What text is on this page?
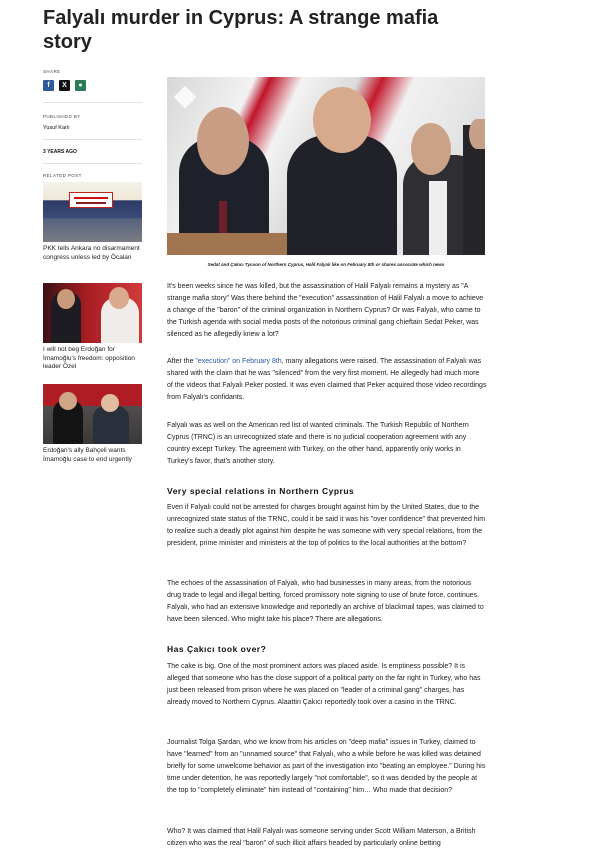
Falyalı murder in Cyprus: A strange mafia story
SHARE
f	X	●
PUBLISHED BY
Yusuf Karlı
3 YEARS AGO
RELATED POST
PKK tells Ankara no disarmament congress unless led by Öcalan
I will not beg Erdoğan for İmamoğlu's freedom: opposition leader Özel
Erdoğan's ally Bahçeli wants İmamoğlu case to end urgently
Sedat and Çakıcı Tycoon of Northern Cyprus, Halil Falyalı like on February 8th or shares associate which news

It's been weeks since he was killed, but the assassination of Halil Falyalı remains a mystery as "A strange mafia story" Was there behind the "execution" assassination of Halil Falyalı a move to achieve a change of the "baron" of the criminal organization in Northern Cyprus? Or was Falyalı, who came to the Turkish agenda with social media posts of the notorious criminal gang chieftain Sedat Peker, was silenced as he allegedly knew a lot?

After the "execution" on February 8th, many allegations were raised. The assassination of Falyalı was shared with the claim that he was "silenced" from the very first moment. He allegedly had much more of the videos that Falyalı Peker posted. It was even claimed that Peker acquired those video recordings from Falyalı's confidants.

Falyalı was as well on the American red list of wanted criminals. The Turkish Republic of Northern Cyprus (TRNC) is an unrecognized state and there is no judicial cooperation agreement with any country except Turkey. The agreement with Turkey, on the other hand, apparently only works in Turkey's favor, that's another story.

Very special relations in Northern Cyprus

Even if Falyalı could not be arrested for charges brought against him by the United States, due to the unrecognized state status of the TRNC, could it be said it was his "over confidence" that prevented him to realize such a deadly plot against him despite he was someone with very special relations, from the president, prime minister and ministers at the top of politics to the local authorities at the bottom?

The echoes of the assassination of Falyalı, who had businesses in many areas, from the notorious drug trade to legal and illegal betting, forced promissory note signing to use of brute force, continues. Falyalı, who had an extensive knowledge and reportedly an archive of blackmail tapes, was claimed to have been silenced. Who might take his place? There are allegations.

Has Çakıcı took over?

The cake is big. One of the most prominent actors was placed aside. Is emptiness possible? It is alleged that someone who has the close support of a political party on the far right in Turkey, who has just been released from prison where he was placed on "leader of a criminal gang" charges, has already moved to Northern Cyprus. Alaattin Çakıcı reportedly took over a casino in the TRNC.

Journalist Tolga Şardan, who we know from his articles on "deep mafia" issues in Turkey, claimed to have "learned" from an "unnamed source" that Falyalı, who a while before he was killed was detained briefly for some unwelcome behavior as part of the investigation into "beating an employee." During his time under detention, he was reportedly largely "not comfortable", so it was decided by the people at the top to "completely eliminate" him instead of "containing" him… Who made that decision?

Who? It was claimed that Halil Falyalı was someone serving under Scott William Materson, a British citizen who was the real "baron" of such illicit affairs headed by particularly online betting
